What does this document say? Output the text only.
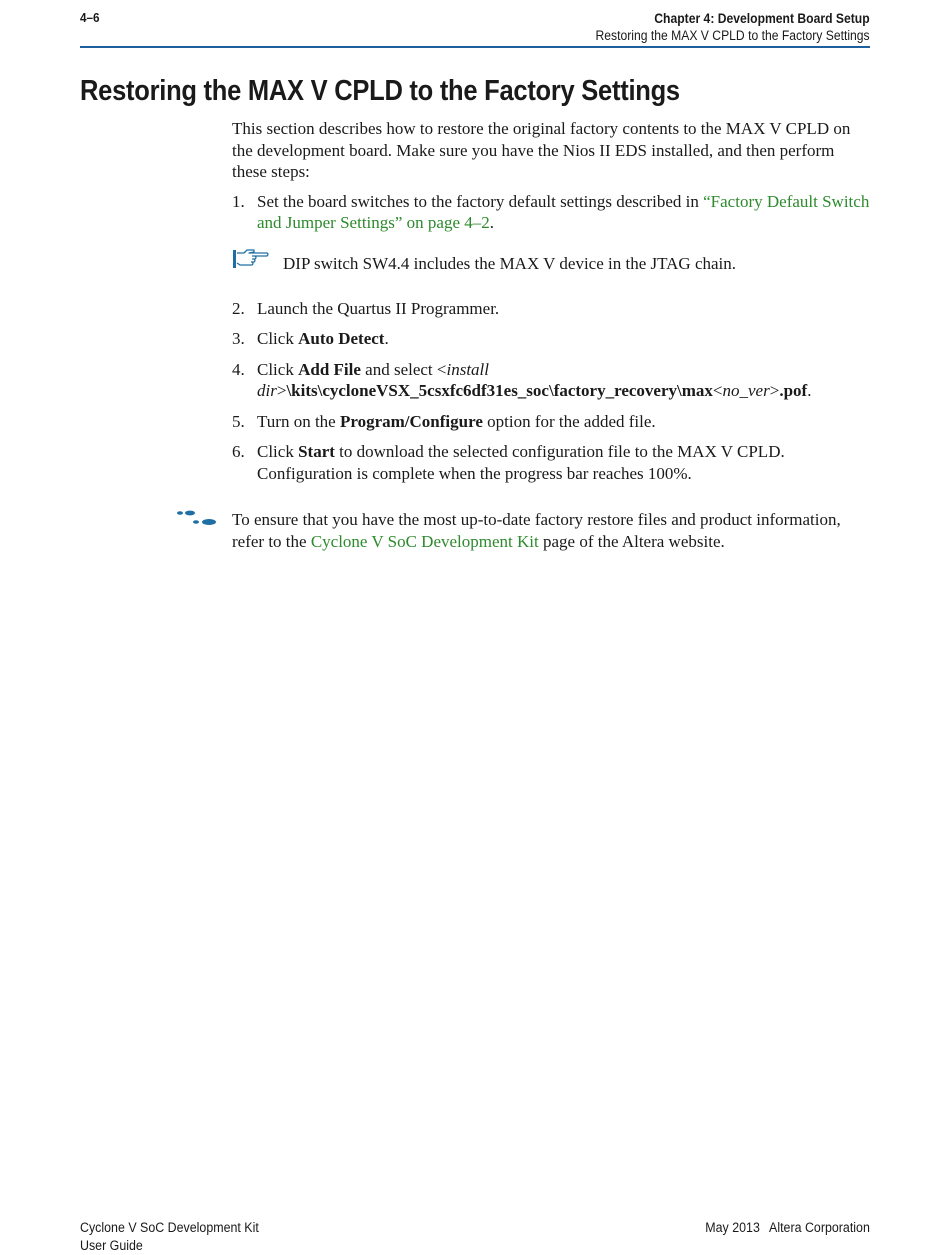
4–6	Chapter 4: Development Board Setup
Restoring the MAX V CPLD to the Factory Settings
Restoring the MAX V CPLD to the Factory Settings

This section describes how to restore the original factory contents to the MAX V CPLD on the development board. Make sure you have the Nios II EDS installed, and then perform these steps:

1. Set the board switches to the factory default settings described in “Factory Default Switch and Jumper Settings” on page 4–2.
DIP switch SW4.4 includes the MAX V device in the JTAG chain.
2. Launch the Quartus II Programmer.
3. Click Auto Detect.
4. Click Add File and select <install dir>\kits\cycloneVSX_5csxfc6df31es_soc\factory_recovery\max<no_ver>.pof.
5. Turn on the Program/Configure option for the added file.
6. Click Start to download the selected configuration file to the MAX V CPLD. Configuration is complete when the progress bar reaches 100%.

To ensure that you have the most up-to-date factory restore files and product information, refer to the Cyclone V SoC Development Kit page of the Altera website.

Cyclone V SoC Development Kit
User Guide
May 2013 Altera Corporation
